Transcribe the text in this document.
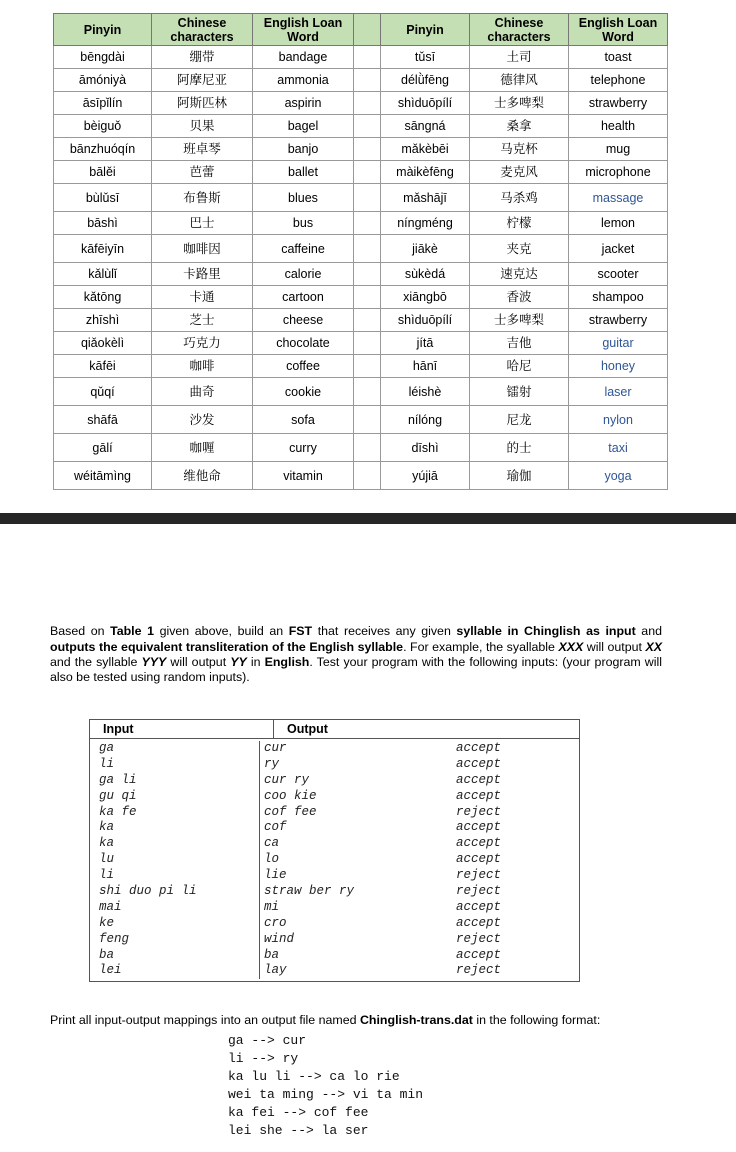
Pinyin	Chinese characters	English Loan Word		Pinyin	Chinese characters	English Loan Word
bēngdài	绷带	bandage		tǔsī	土司	toast
āmóniyà	阿摩尼亚	ammonia		délǜfēng	德律风	telephone
āsīpǐlín	阿斯匹林	aspirin		shìduōpílí	士多啤梨	strawberry
bèiguǒ	贝果	bagel		sāngná	桑拿	health
bānzhuóqín	班卓琴	banjo		mǎkèbēi	马克杯	mug
bālěi	芭蕾	ballet		màikèfēng	麦克风	microphone
bùlǔsī	布鲁斯	blues		mǎshājī	马杀鸡	massage
bāshì	巴士	bus		níngméng	柠檬	lemon
kāfēiyīn	咖啡因	caffeine		jiākè	夹克	jacket
kǎlùlǐ	卡路里	calorie		sùkèdá	速克达	scooter
kǎtōng	卡通	cartoon		xiāngbō	香波	shampoo
zhīshì	芝士	cheese		shìduōpílí	士多啤梨	strawberry
qiǎokèlì	巧克力	chocolate		jítā	吉他	guitar
kāfēi	咖啡	coffee		hānī	哈尼	honey
qǔqí	曲奇	cookie		léishè	镭射	laser
shāfā	沙发	sofa		nílóng	尼龙	nylon
gālí	咖喱	curry		dīshì	的士	taxi
wéitāmìng	维他命	vitamin		yújiā	瑜伽	yoga

Based on Table 1 given above, build an FST that receives any given syllable in Chinglish as input and outputs the equivalent transliteration of the English syllable. For example, the syallable XXX will output XX and the syllable YYY will output YY in English. Test your program with the following inputs: (your program will also be tested using random inputs).

Input	Output
ga	cur	accept
li	ry	accept
ga li	cur ry	accept
gu qi	coo kie	accept
ka fe	cof fee	reject
ka	cof	accept
ka	ca	accept
lu	lo	accept
li	lie	reject
shi duo pi li	straw ber ry	reject
mai	mi	accept
ke	cro	accept
feng	wind	reject
ba	ba	accept
lei	lay	reject

Print all input-output mappings into an output file named Chinglish-trans.dat in the following format:

ga --> cur
li --> ry
ka lu li --> ca lo rie
wei ta ming --> vi ta min
ka fei --> cof fee
lei she --> la ser
